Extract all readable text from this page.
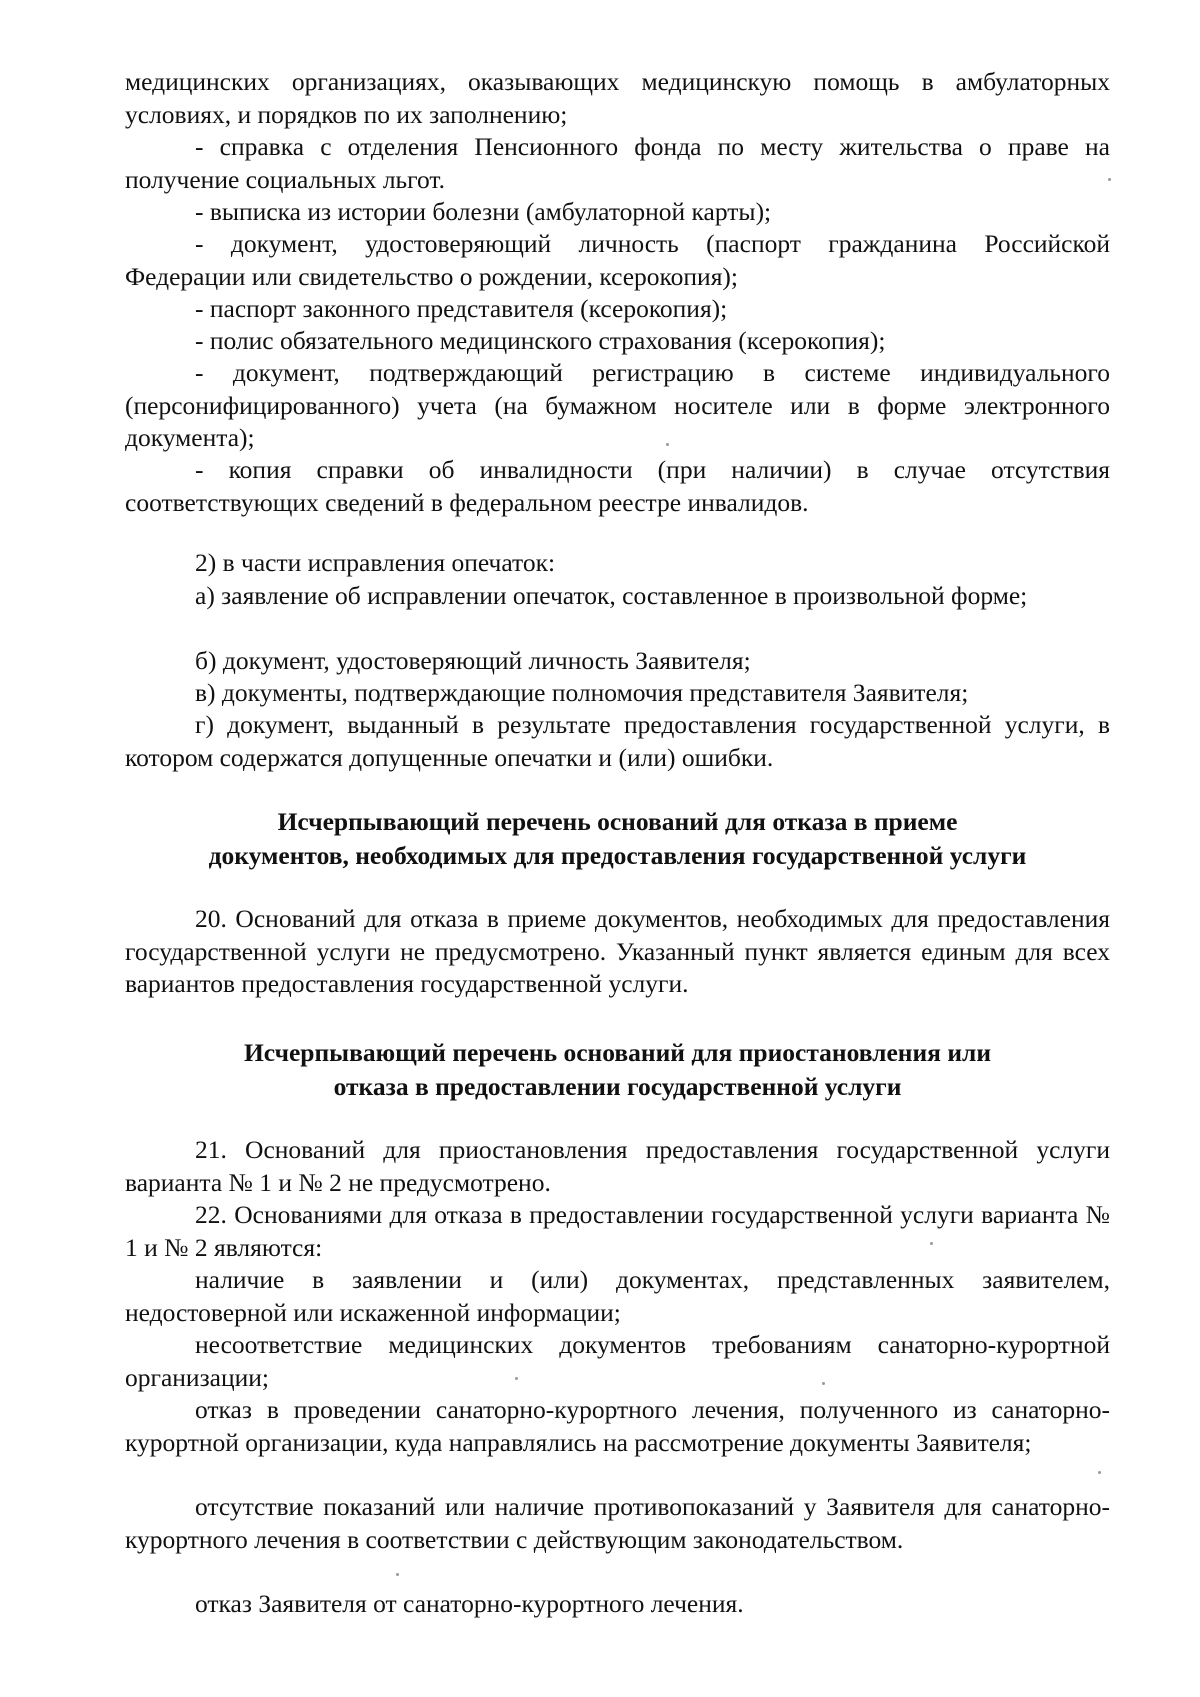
медицинских организациях, оказывающих медицинскую помощь в амбулаторных условиях, и порядков по их заполнению;

- справка с отделения Пенсионного фонда по месту жительства о праве на получение социальных льгот.

- выписка из истории болезни (амбулаторной карты);

- документ, удостоверяющий личность (паспорт гражданина Российской Федерации или свидетельство о рождении, ксерокопия);

- паспорт законного представителя (ксерокопия);

- полис обязательного медицинского страхования (ксерокопия);

- документ, подтверждающий регистрацию в системе индивидуального (персонифицированного) учета (на бумажном носителе или в форме электронного документа);

- копия справки об инвалидности (при наличии) в случае отсутствия соответствующих сведений в федеральном реестре инвалидов.

2) в части исправления опечаток:

а) заявление об исправлении опечаток, составленное в произвольной форме;

б) документ, удостоверяющий личность Заявителя;

в) документы, подтверждающие полномочия представителя Заявителя;

г) документ, выданный в результате предоставления государственной услуги, в котором содержатся допущенные опечатки и (или) ошибки.

Исчерпывающий перечень оснований для отказа в приеме
документов, необходимых для предоставления государственной услуги

20. Оснований для отказа в приеме документов, необходимых для предоставления государственной услуги не предусмотрено. Указанный пункт является единым для всех вариантов предоставления государственной услуги.

Исчерпывающий перечень оснований для приостановления или
отказа в предоставлении государственной услуги

21. Оснований для приостановления предоставления государственной услуги варианта № 1 и № 2 не предусмотрено.

22. Основаниями для отказа в предоставлении государственной услуги варианта № 1 и № 2 являются:

наличие в заявлении и (или) документах, представленных заявителем, недостоверной или искаженной информации;

несоответствие медицинских документов требованиям санаторно-курортной организации;

отказ в проведении санаторно-курортного лечения, полученного из санаторно-курортной организации, куда направлялись на рассмотрение документы Заявителя;

отсутствие показаний или наличие противопоказаний у Заявителя для санаторно-курортного лечения в соответствии с действующим законодательством.

отказ Заявителя от санаторно-курортного лечения.
